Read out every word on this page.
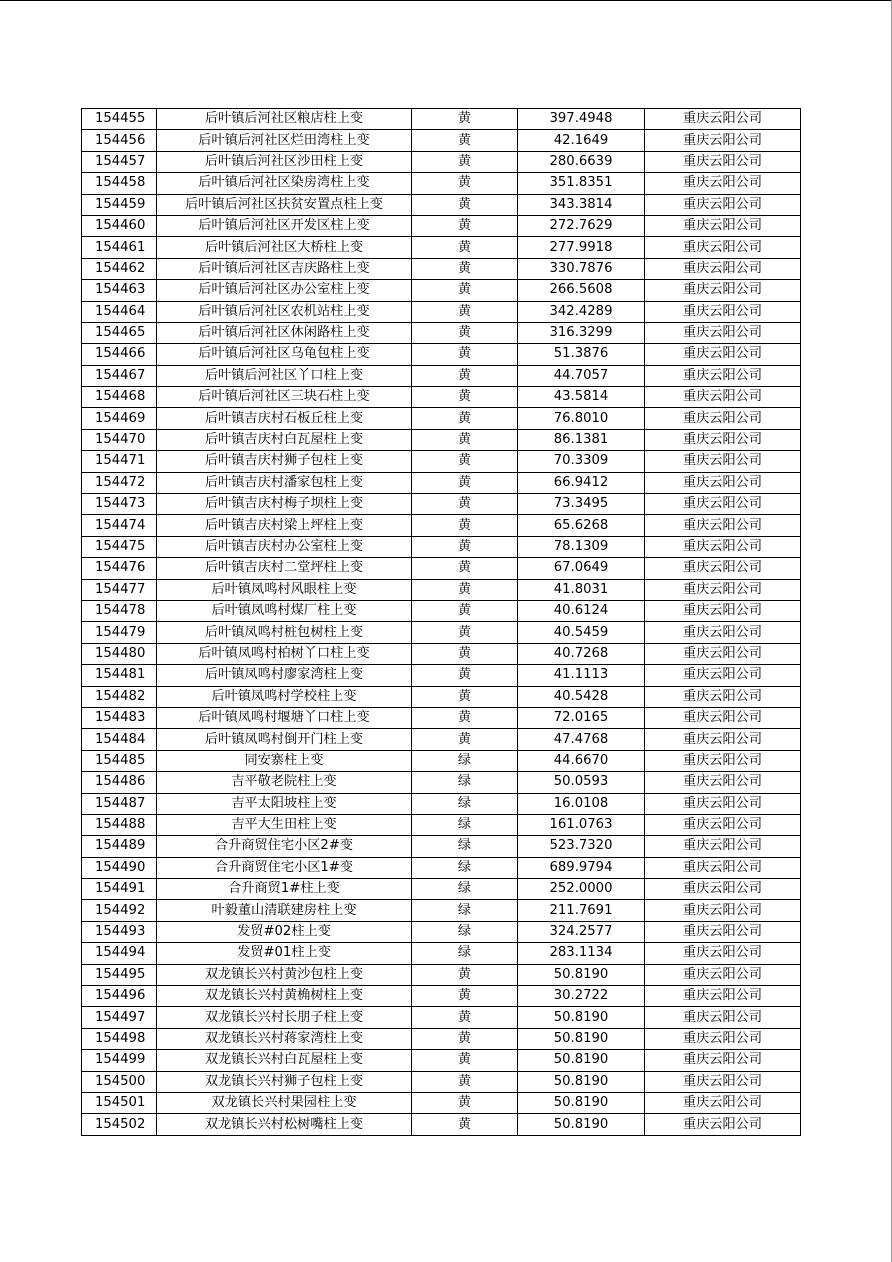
154455	后叶镇后河社区粮店柱上变	黄	397.4948	重庆云阳公司
154456	后叶镇后河社区烂田湾柱上变	黄	42.1649	重庆云阳公司
154457	后叶镇后河社区沙田柱上变	黄	280.6639	重庆云阳公司
154458	后叶镇后河社区染房湾柱上变	黄	351.8351	重庆云阳公司
154459	后叶镇后河社区扶贫安置点柱上变	黄	343.3814	重庆云阳公司
154460	后叶镇后河社区开发区柱上变	黄	272.7629	重庆云阳公司
154461	后叶镇后河社区大桥柱上变	黄	277.9918	重庆云阳公司
154462	后叶镇后河社区吉庆路柱上变	黄	330.7876	重庆云阳公司
154463	后叶镇后河社区办公室柱上变	黄	266.5608	重庆云阳公司
154464	后叶镇后河社区农机站柱上变	黄	342.4289	重庆云阳公司
154465	后叶镇后河社区休闲路柱上变	黄	316.3299	重庆云阳公司
154466	后叶镇后河社区乌龟包柱上变	黄	51.3876	重庆云阳公司
154467	后叶镇后河社区丫口柱上变	黄	44.7057	重庆云阳公司
154468	后叶镇后河社区三块石柱上变	黄	43.5814	重庆云阳公司
154469	后叶镇吉庆村石板丘柱上变	黄	76.8010	重庆云阳公司
154470	后叶镇吉庆村白瓦屋柱上变	黄	86.1381	重庆云阳公司
154471	后叶镇吉庆村狮子包柱上变	黄	70.3309	重庆云阳公司
154472	后叶镇吉庆村潘家包柱上变	黄	66.9412	重庆云阳公司
154473	后叶镇吉庆村梅子坝柱上变	黄	73.3495	重庆云阳公司
154474	后叶镇吉庆村梁上坪柱上变	黄	65.6268	重庆云阳公司
154475	后叶镇吉庆村办公室柱上变	黄	78.1309	重庆云阳公司
154476	后叶镇吉庆村二堂坪柱上变	黄	67.0649	重庆云阳公司
154477	后叶镇凤鸣村风眼柱上变	黄	41.8031	重庆云阳公司
154478	后叶镇凤鸣村煤厂柱上变	黄	40.6124	重庆云阳公司
154479	后叶镇凤鸣村桩包树柱上变	黄	40.5459	重庆云阳公司
154480	后叶镇凤鸣村柏树丫口柱上变	黄	40.7268	重庆云阳公司
154481	后叶镇凤鸣村廖家湾柱上变	黄	41.1113	重庆云阳公司
154482	后叶镇凤鸣村学校柱上变	黄	40.5428	重庆云阳公司
154483	后叶镇凤鸣村堰塘丫口柱上变	黄	72.0165	重庆云阳公司
154484	后叶镇凤鸣村倒开门柱上变	黄	47.4768	重庆云阳公司
154485	同安寨柱上变	绿	44.6670	重庆云阳公司
154486	吉平敬老院柱上变	绿	50.0593	重庆云阳公司
154487	吉平太阳坡柱上变	绿	16.0108	重庆云阳公司
154488	吉平大生田柱上变	绿	161.0763	重庆云阳公司
154489	合升商贸住宅小区2#变	绿	523.7320	重庆云阳公司
154490	合升商贸住宅小区1#变	绿	689.9794	重庆云阳公司
154491	合升商贸1#柱上变	绿	252.0000	重庆云阳公司
154492	叶毅董山清联建房柱上变	绿	211.7691	重庆云阳公司
154493	发贸#02柱上变	绿	324.2577	重庆云阳公司
154494	发贸#01柱上变	绿	283.1134	重庆云阳公司
154495	双龙镇长兴村黄沙包柱上变	黄	50.8190	重庆云阳公司
154496	双龙镇长兴村黄桷树柱上变	黄	30.2722	重庆云阳公司
154497	双龙镇长兴村长朋子柱上变	黄	50.8190	重庆云阳公司
154498	双龙镇长兴村蒋家湾柱上变	黄	50.8190	重庆云阳公司
154499	双龙镇长兴村白瓦屋柱上变	黄	50.8190	重庆云阳公司
154500	双龙镇长兴村狮子包柱上变	黄	50.8190	重庆云阳公司
154501	双龙镇长兴村果园柱上变	黄	50.8190	重庆云阳公司
154502	双龙镇长兴村松树嘴柱上变	黄	50.8190	重庆云阳公司
